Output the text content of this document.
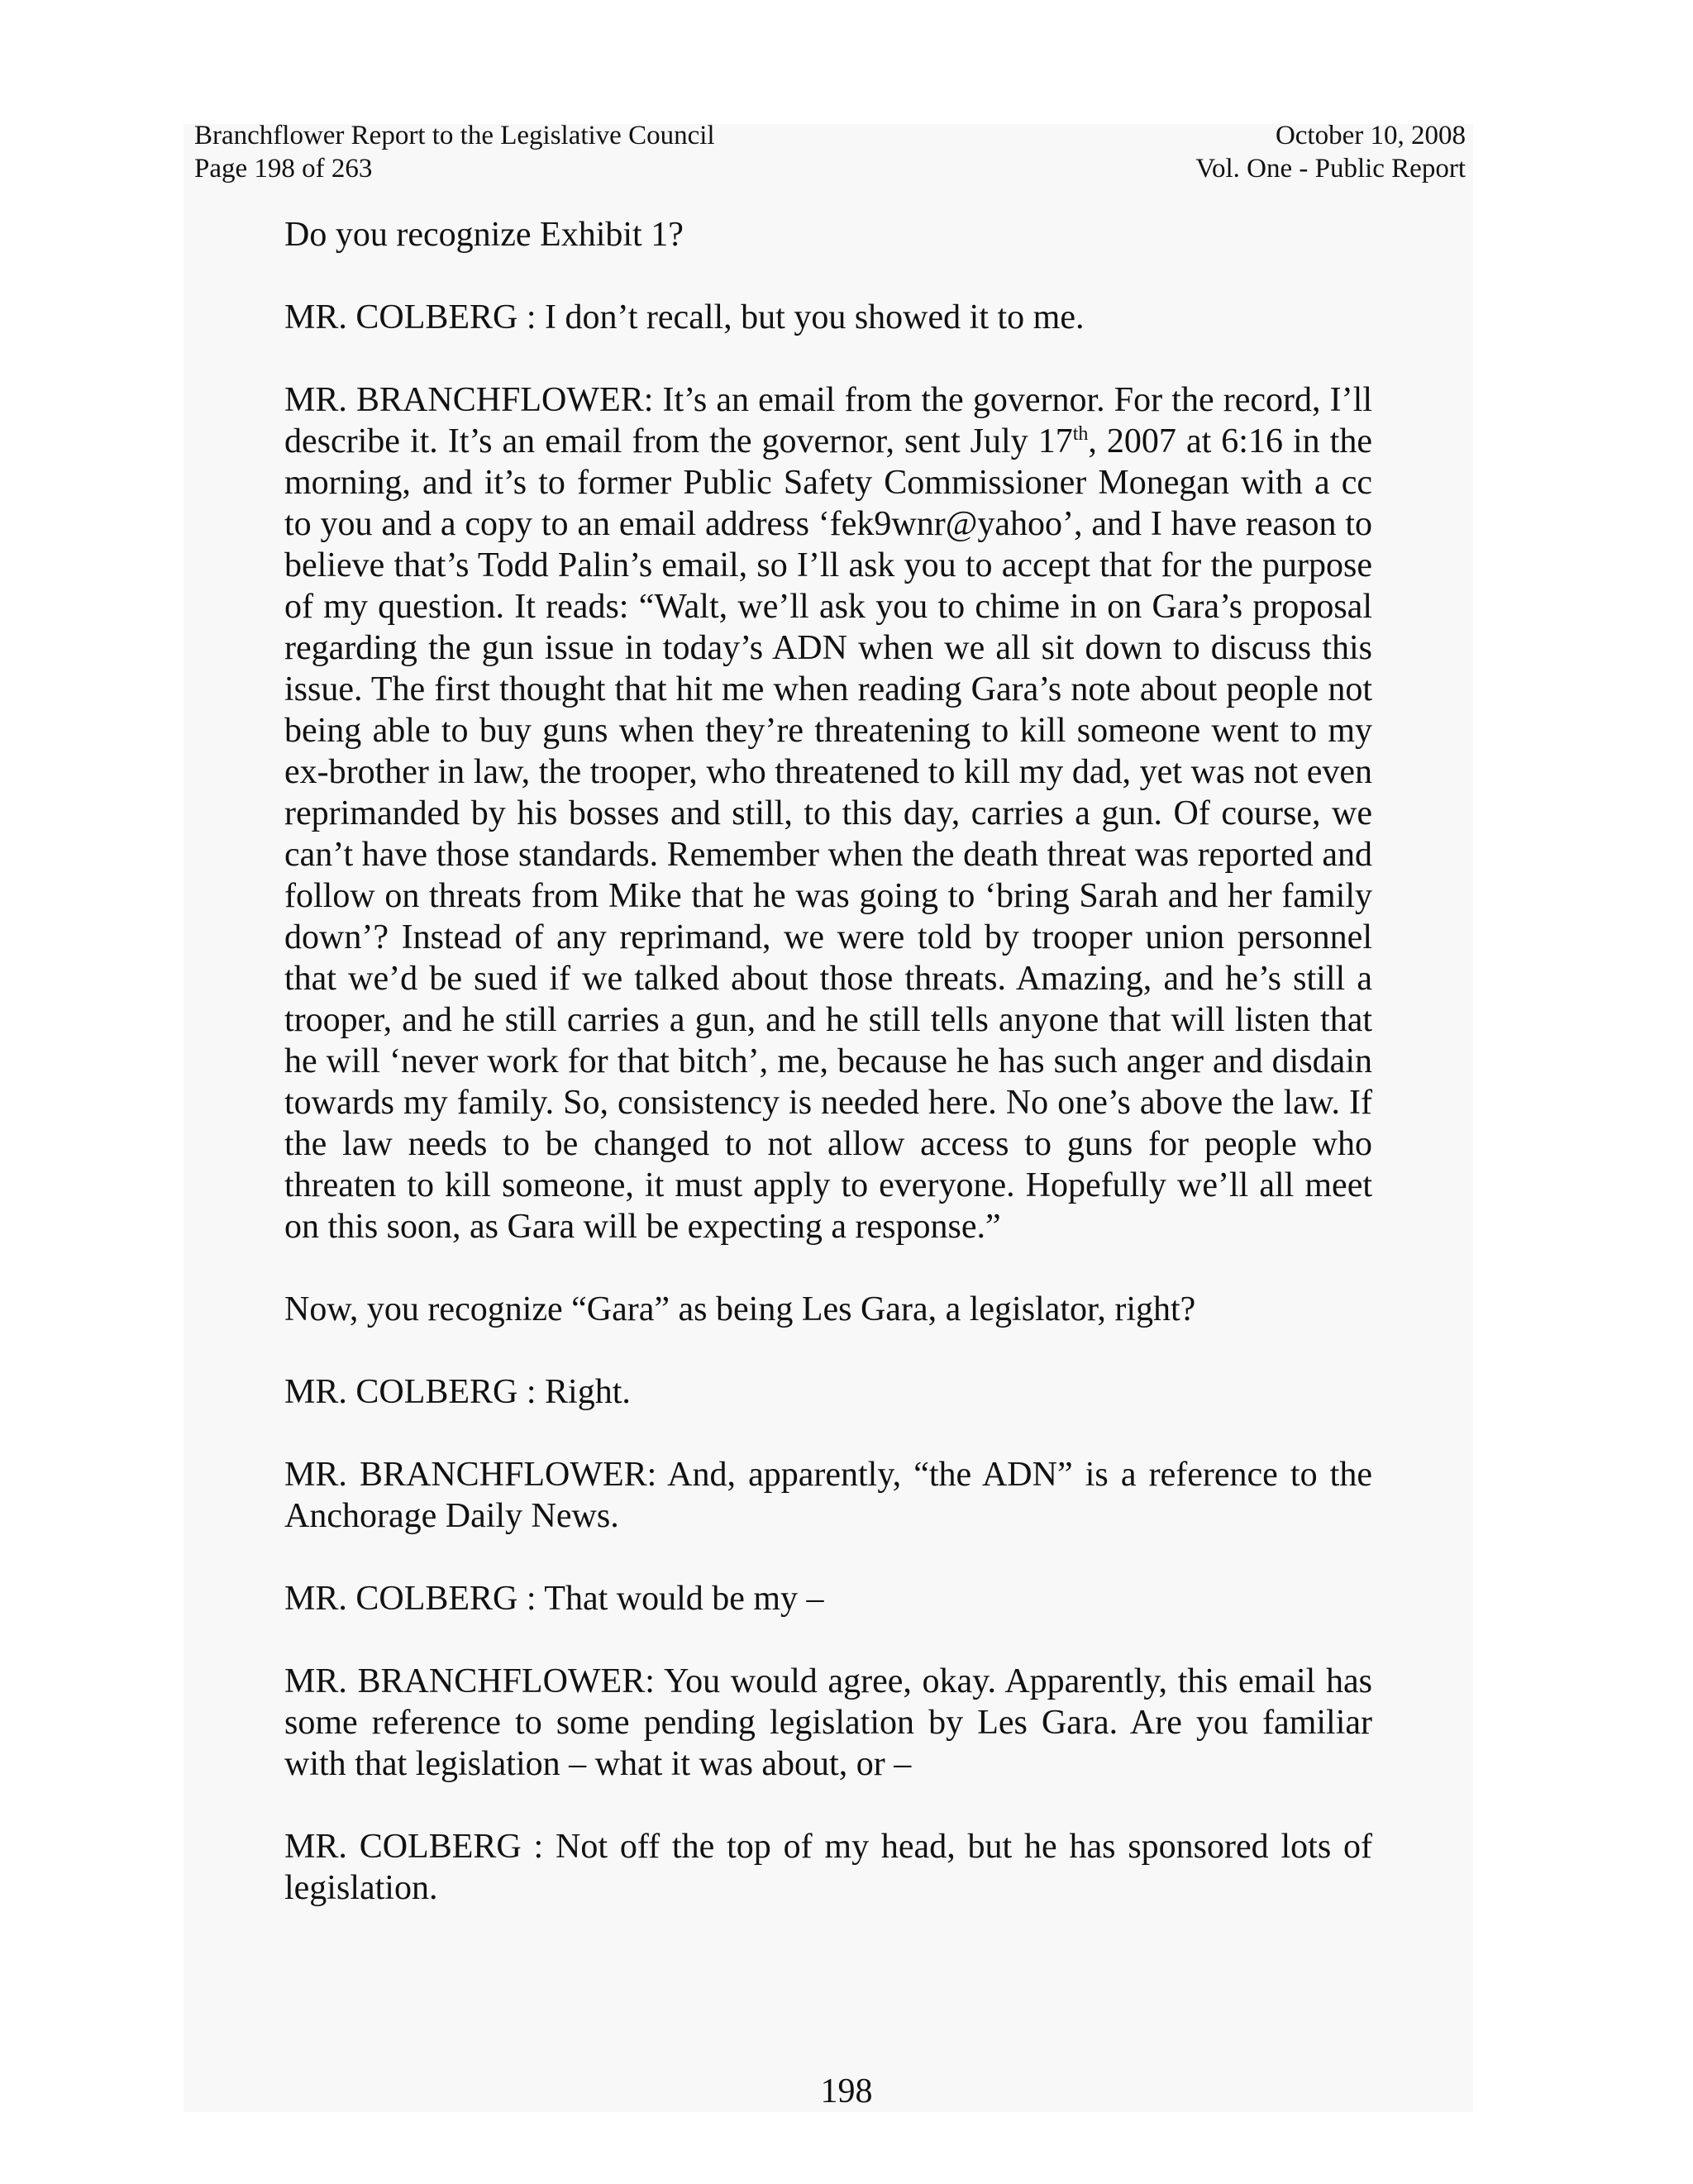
Branchflower Report to the Legislative Council
Page 198 of 263
October 10, 2008
Vol. One - Public Report

Do you recognize Exhibit 1?

MR. COLBERG : I don’t recall, but you showed it to me.

MR. BRANCHFLOWER: It’s an email from the governor. For the record, I’ll describe it. It’s an email from the governor, sent July 17th, 2007 at 6:16 in the morning, and it’s to former Public Safety Commissioner Monegan with a cc to you and a copy to an email address ‘fek9wnr@yahoo’, and I have reason to believe that’s Todd Palin’s email, so I’ll ask you to accept that for the purpose of my question. It reads: “Walt, we’ll ask you to chime in on Gara’s proposal regarding the gun issue in today’s ADN when we all sit down to discuss this issue. The first thought that hit me when reading Gara’s note about people not being able to buy guns when they’re threatening to kill someone went to my ex-brother in law, the trooper, who threatened to kill my dad, yet was not even reprimanded by his bosses and still, to this day, carries a gun. Of course, we can’t have those standards. Remember when the death threat was reported and follow on threats from Mike that he was going to ‘bring Sarah and her family down’? Instead of any reprimand, we were told by trooper union personnel that we’d be sued if we talked about those threats. Amazing, and he’s still a trooper, and he still carries a gun, and he still tells anyone that will listen that he will ‘never work for that bitch’, me, because he has such anger and disdain towards my family. So, consistency is needed here. No one’s above the law. If the law needs to be changed to not allow access to guns for people who threaten to kill someone, it must apply to everyone. Hopefully we’ll all meet on this soon, as Gara will be expecting a response.”

Now, you recognize “Gara” as being Les Gara, a legislator, right?

MR. COLBERG : Right.

MR. BRANCHFLOWER: And, apparently, “the ADN” is a reference to the Anchorage Daily News.

MR. COLBERG : That would be my –

MR. BRANCHFLOWER: You would agree, okay. Apparently, this email has some reference to some pending legislation by Les Gara. Are you familiar with that legislation – what it was about, or –

MR. COLBERG : Not off the top of my head, but he has sponsored lots of legislation.

198
